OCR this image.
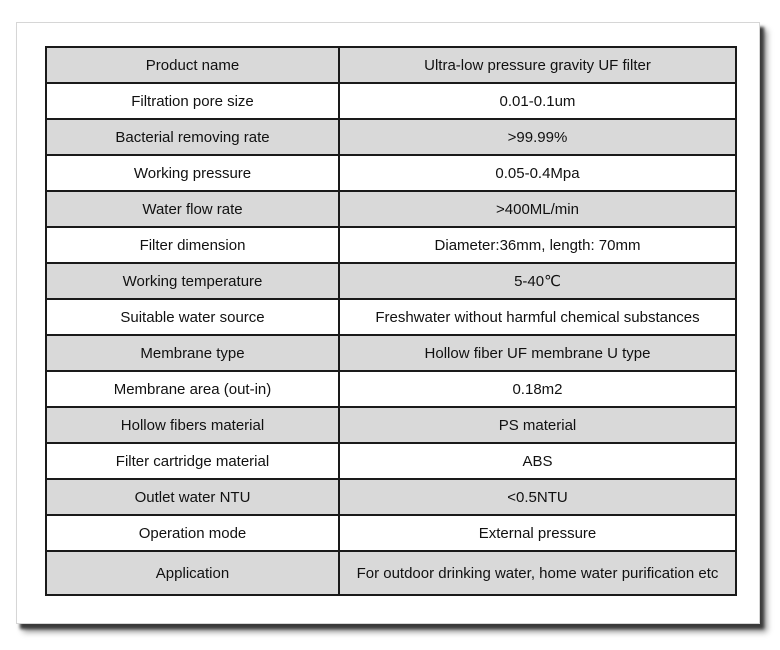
Product name	Ultra-low pressure gravity UF filter
Filtration pore size	0.01-0.1um
Bacterial removing rate	>99.99%
Working pressure	0.05-0.4Mpa
Water flow rate	>400ML/min
Filter dimension	Diameter:36mm, length: 70mm
Working temperature	5-40℃
Suitable water source	Freshwater without harmful chemical substances
Membrane type	Hollow fiber UF membrane U type
Membrane area (out-in)	0.18m2
Hollow fibers material	PS material
Filter cartridge material	ABS
Outlet water NTU	<0.5NTU
Operation mode	External pressure
Application	For outdoor drinking water, home water purification etc
